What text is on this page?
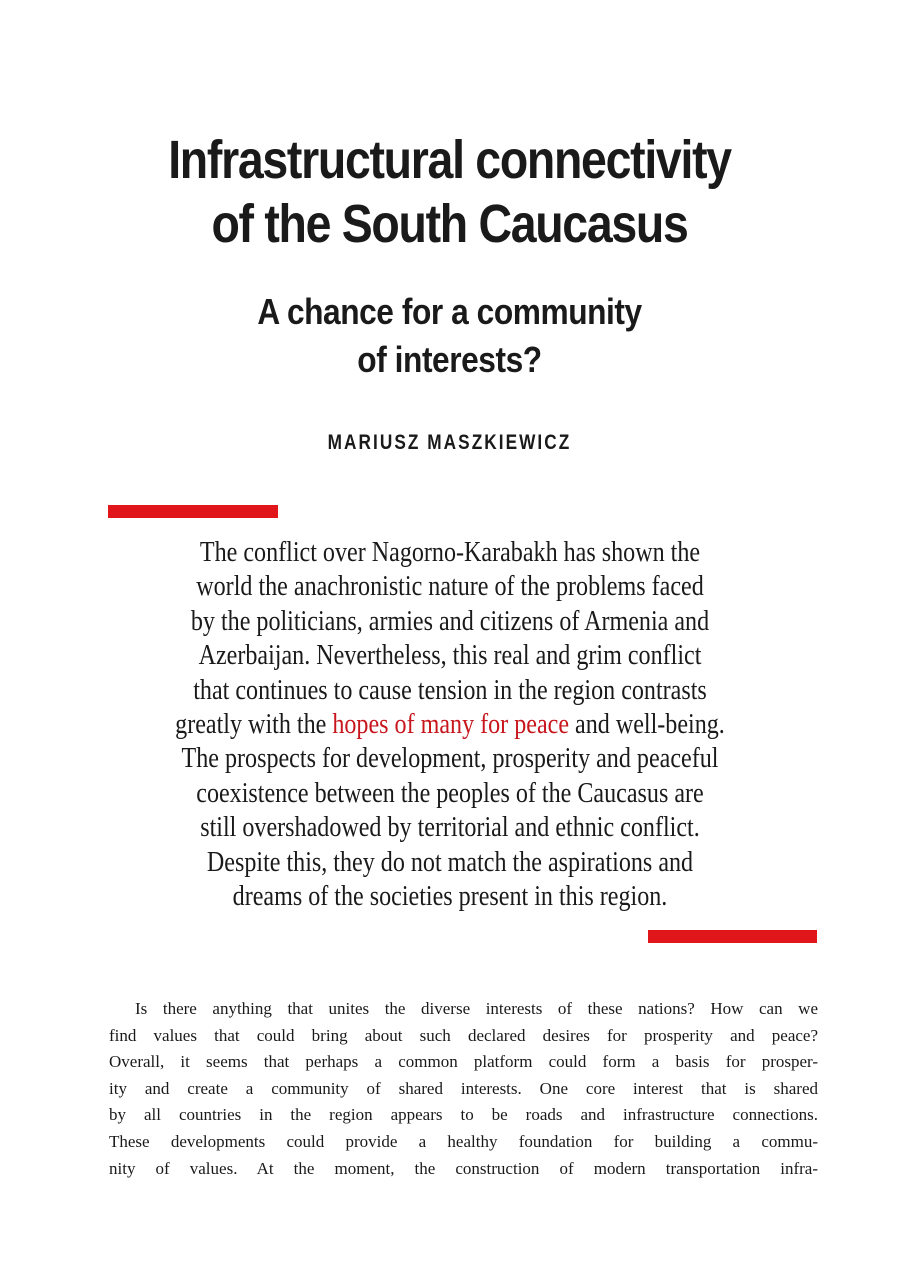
Infrastructural connectivity
of the South Caucasus
A chance for a community
of interests?
MARIUSZ MASZKIEWICZ
The conflict over Nagorno-Karabakh has shown the
world the anachronistic nature of the problems faced
by the politicians, armies and citizens of Armenia and
Azerbaijan. Nevertheless, this real and grim conflict
that continues to cause tension in the region contrasts
greatly with the hopes of many for peace and well-being.
The prospects for development, prosperity and peaceful
coexistence between the peoples of the Caucasus are
still overshadowed by territorial and ethnic conflict.
Despite this, they do not match the aspirations and
dreams of the societies present in this region.
Is there anything that unites the diverse interests of these nations? How can we
find values that could bring about such declared desires for prosperity and peace?
Overall, it seems that perhaps a common platform could form a basis for prosper-
ity and create a community of shared interests. One core interest that is shared
by all countries in the region appears to be roads and infrastructure connections.
These developments could provide a healthy foundation for building a commu-
nity of values. At the moment, the construction of modern transportation infra-
